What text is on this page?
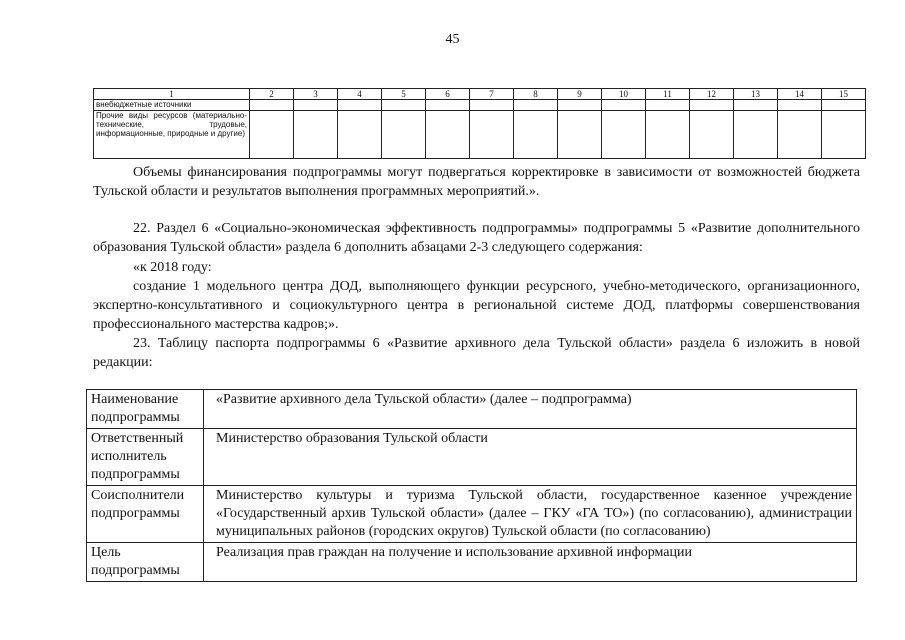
45
1	2	3	4	5	6	7	8	9	10	11	12	13	14	15
внебюджетные источники														
Прочие виды ресурсов (материально-технические, трудовые, информационные, природные и другие)														
Объемы финансирования подпрограммы могут подвергаться корректировке в зависимости от возможностей бюджета Тульской области и результатов выполнения программных мероприятий.».
22. Раздел 6 «Социально-экономическая эффективность подпрограммы» подпрограммы 5 «Развитие дополнительного образования Тульской области» раздела 6 дополнить абзацами 2-3 следующего содержания:
«к 2018 году:
создание 1 модельного центра ДОД, выполняющего функции ресурсного, учебно-методического, организационного, экспертно-консультативного и социокультурного центра в региональной системе ДОД, платформы совершенствования профессионального мастерства кадров;».
23. Таблицу паспорта подпрограммы 6 «Развитие архивного дела Тульской области» раздела 6 изложить в новой редакции:
Наименование подпрограммы	«Развитие архивного дела Тульской области» (далее – подпрограмма)
Ответственный исполнитель подпрограммы	Министерство образования Тульской области
Соисполнители подпрограммы	Министерство культуры и туризма Тульской области, государственное казенное учреждение «Государственный архив Тульской области» (далее – ГКУ «ГА ТО») (по согласованию), администрации муниципальных районов (городских округов) Тульской области (по согласованию)
Цель подпрограммы	Реализация прав граждан на получение и использование архивной информации
